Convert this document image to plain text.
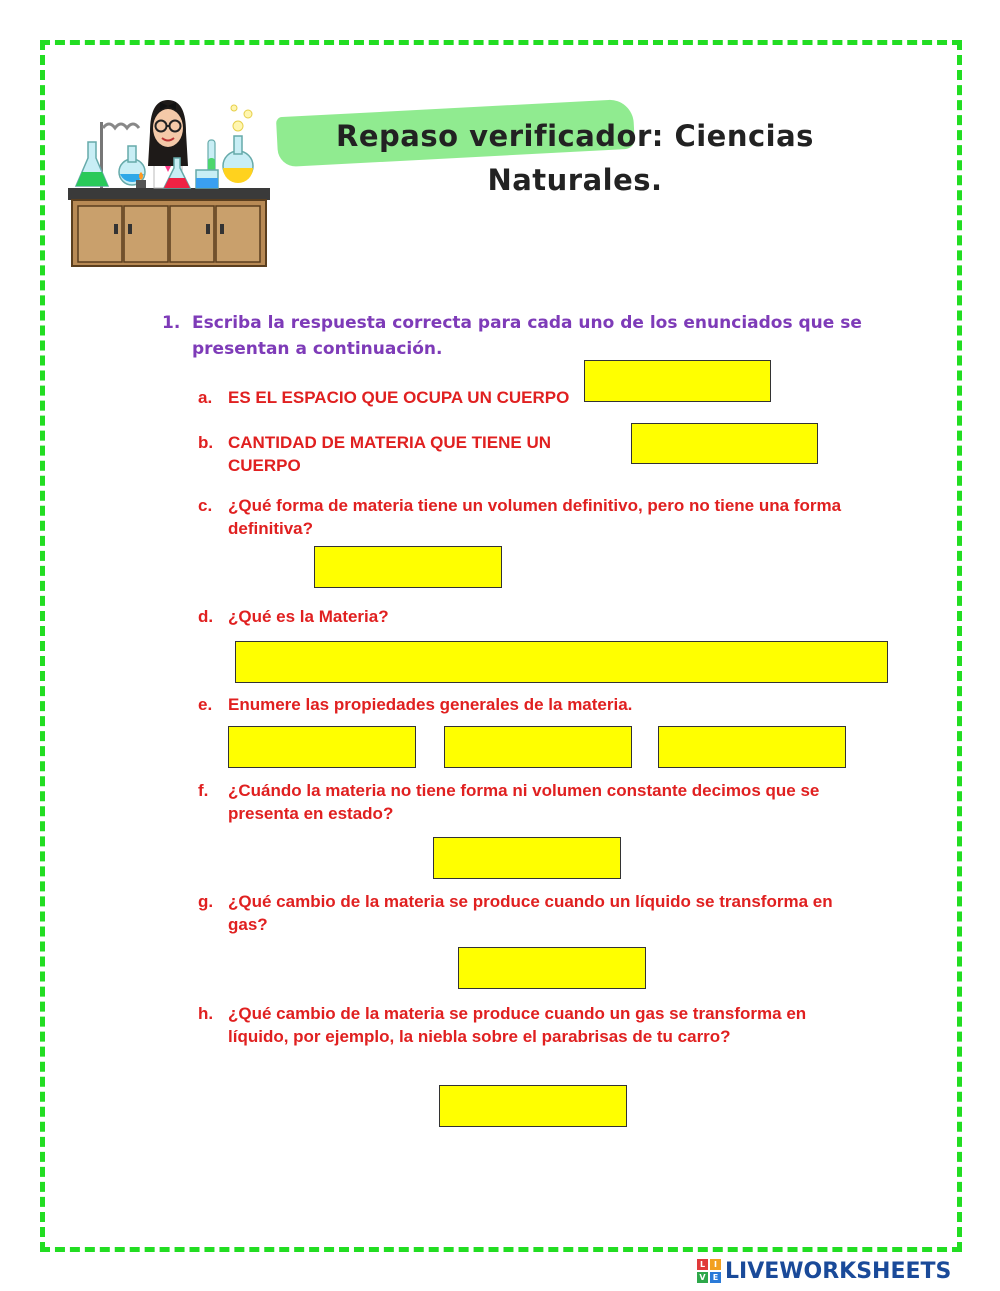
Repaso verificador: Ciencias Naturales.
1. Escriba la respuesta correcta para cada uno de los enunciados que se presentan a continuación.
a. ES EL ESPACIO QUE OCUPA UN CUERPO
b. CANTIDAD DE MATERIA QUE TIENE UN CUERPO
c. ¿Qué forma de materia tiene un volumen definitivo, pero no tiene una forma definitiva?
d. ¿Qué es la Materia?
e. Enumere las propiedades generales de la materia.
f. ¿Cuándo la materia no tiene forma ni volumen constante decimos que se presenta en estado?
g. ¿Qué cambio de la materia se produce cuando un líquido se transforma en gas?
h. ¿Qué cambio de la materia se produce cuando un gas se transforma en líquido, por ejemplo, la niebla sobre el parabrisas de tu carro?
L	I
V E LIVEWORKSHEETS
